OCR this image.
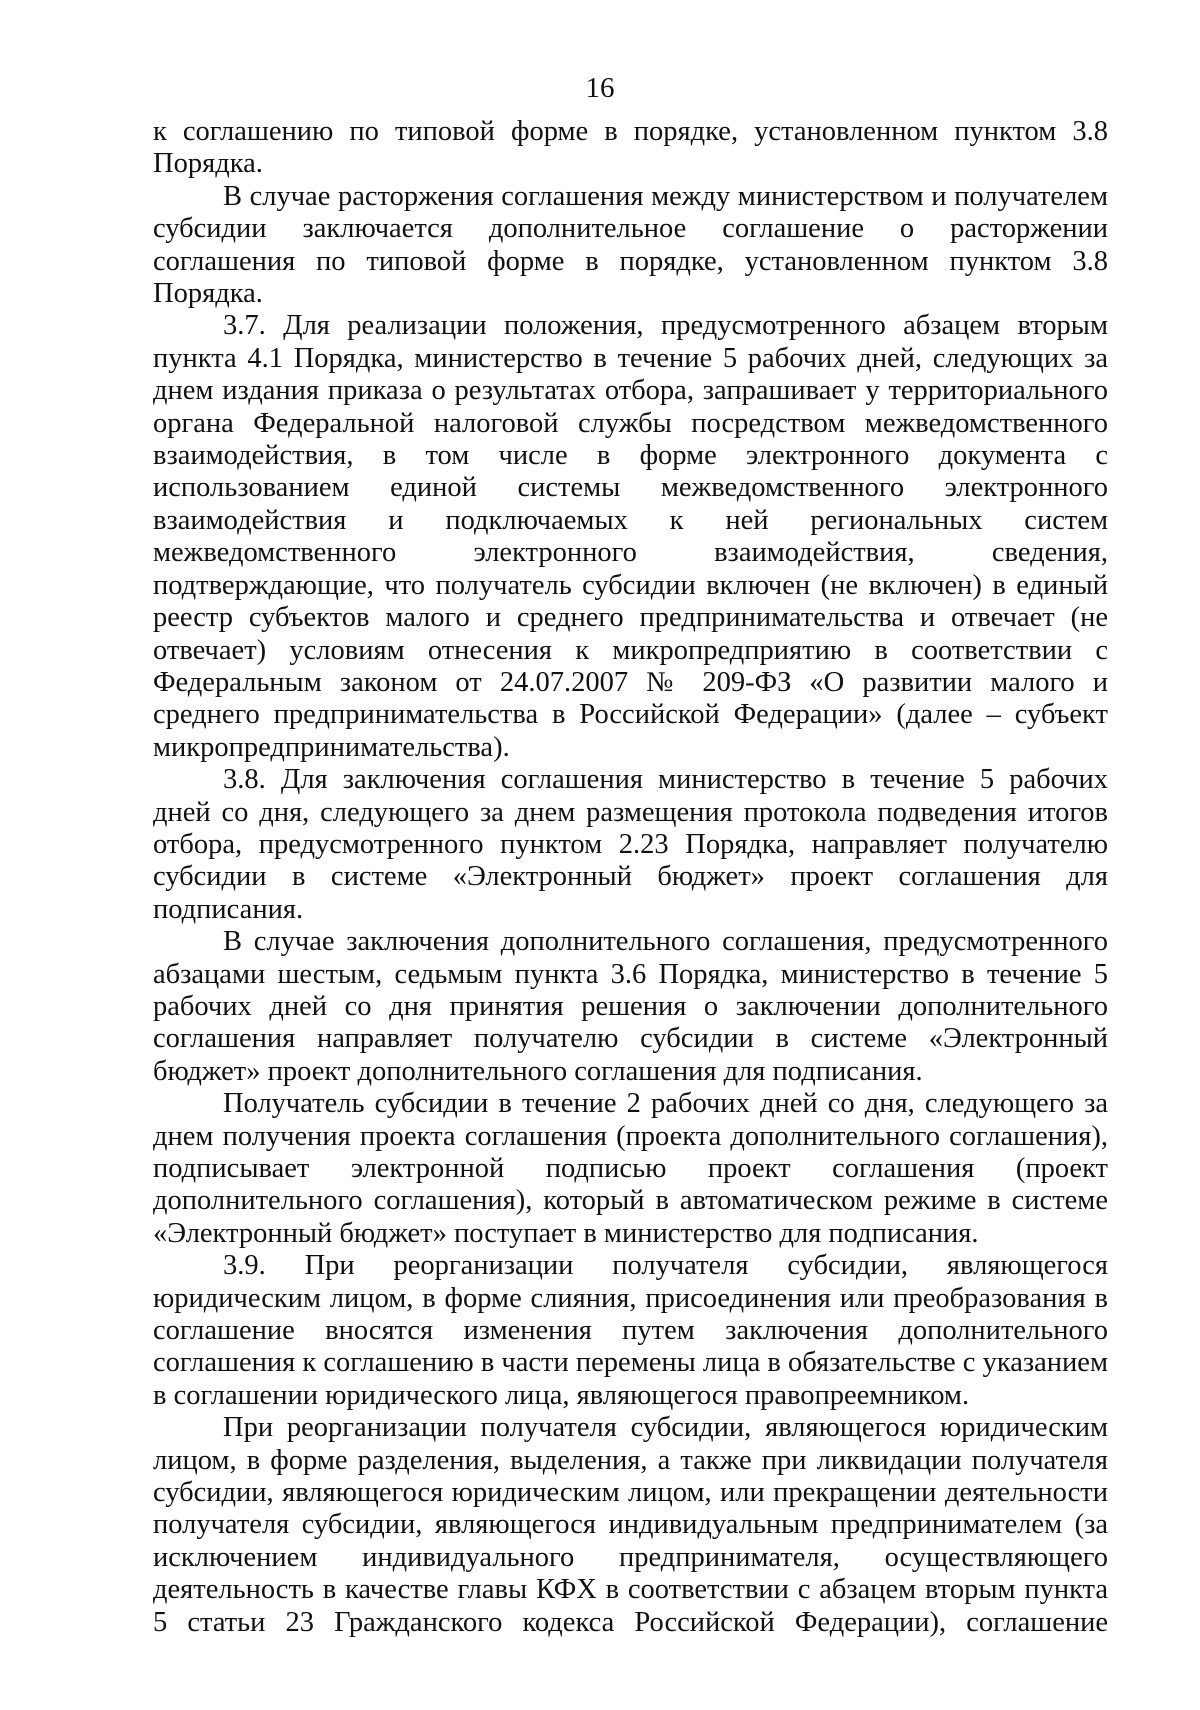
16

к соглашению по типовой форме в порядке, установленном пунктом 3.8 Порядка.

В случае расторжения соглашения между министерством и получателем субсидии заключается дополнительное соглашение о расторжении соглашения по типовой форме в порядке, установленном пунктом 3.8 Порядка.

3.7. Для реализации положения, предусмотренного абзацем вторым пункта 4.1 Порядка, министерство в течение 5 рабочих дней, следующих за днем издания приказа о результатах отбора, запрашивает у территориального органа Федеральной налоговой службы посредством межведомственного взаимодействия, в том числе в форме электронного документа с использованием единой системы межведомственного электронного взаимодействия и подключаемых к ней региональных систем межведомственного электронного взаимодействия, сведения, подтверждающие, что получатель субсидии включен (не включен) в единый реестр субъектов малого и среднего предпринимательства и отвечает (не отвечает) условиям отнесения к микропредприятию в соответствии с Федеральным законом от 24.07.2007 № 209-ФЗ «О развитии малого и среднего предпринимательства в Российской Федерации» (далее – субъект микропредпринимательства).

3.8. Для заключения соглашения министерство в течение 5 рабочих дней со дня, следующего за днем размещения протокола подведения итогов отбора, предусмотренного пунктом 2.23 Порядка, направляет получателю субсидии в системе «Электронный бюджет» проект соглашения для подписания.

В случае заключения дополнительного соглашения, предусмотренного абзацами шестым, седьмым пункта 3.6 Порядка, министерство в течение 5 рабочих дней со дня принятия решения о заключении дополнительного соглашения направляет получателю субсидии в системе «Электронный бюджет» проект дополнительного соглашения для подписания.

Получатель субсидии в течение 2 рабочих дней со дня, следующего за днем получения проекта соглашения (проекта дополнительного соглашения), подписывает электронной подписью проект соглашения (проект дополнительного соглашения), который в автоматическом режиме в системе «Электронный бюджет» поступает в министерство для подписания.

3.9. При реорганизации получателя субсидии, являющегося юридическим лицом, в форме слияния, присоединения или преобразования в соглашение вносятся изменения путем заключения дополнительного соглашения к соглашению в части перемены лица в обязательстве с указанием в соглашении юридического лица, являющегося правопреемником.

При реорганизации получателя субсидии, являющегося юридическим лицом, в форме разделения, выделения, а также при ликвидации получателя субсидии, являющегося юридическим лицом, или прекращении деятельности получателя субсидии, являющегося индивидуальным предпринимателем (за исключением индивидуального предпринимателя, осуществляющего деятельность в качестве главы КФХ в соответствии с абзацем вторым пункта 5 статьи 23 Гражданского кодекса Российской Федерации), соглашение
